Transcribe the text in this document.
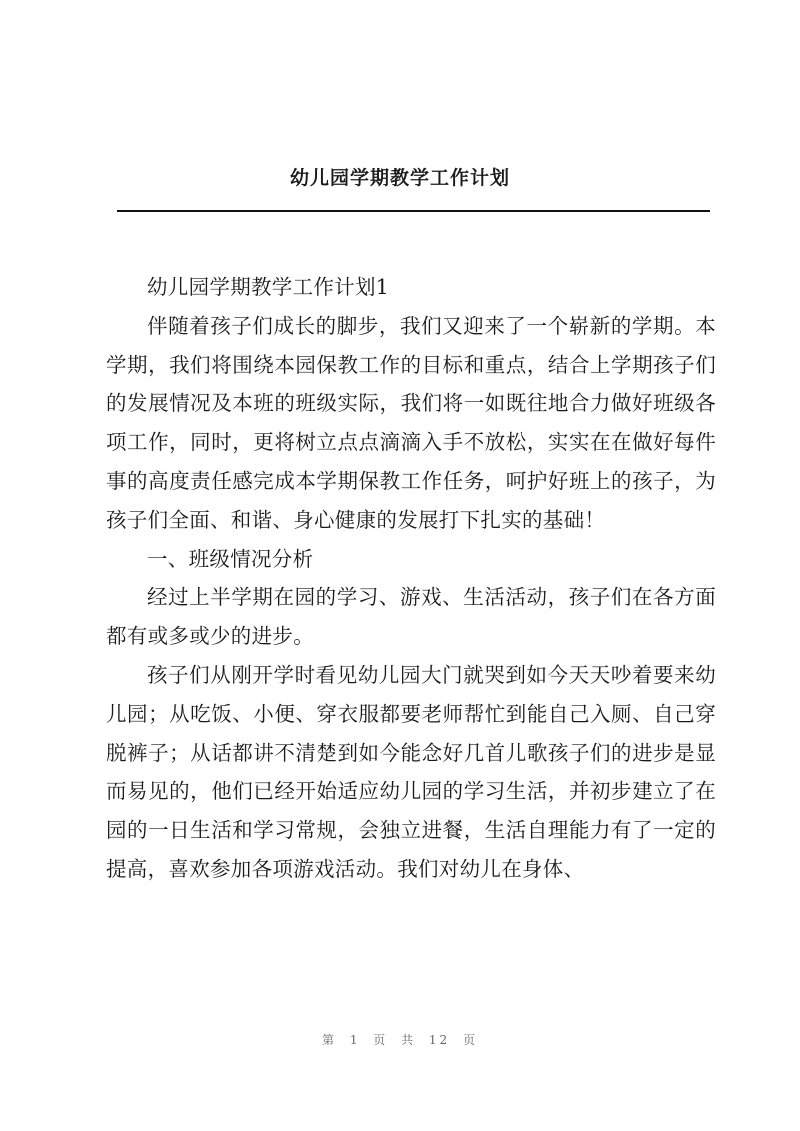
幼儿园学期教学工作计划

幼儿园学期教学工作计划1

伴随着孩子们成长的脚步，我们又迎来了一个崭新的学期。本学期，我们将围绕本园保教工作的目标和重点，结合上学期孩子们的发展情况及本班的班级实际，我们将一如既往地合力做好班级各项工作，同时，更将树立点点滴滴入手不放松，实实在在做好每件事的高度责任感完成本学期保教工作任务，呵护好班上的孩子，为孩子们全面、和谐、身心健康的发展打下扎实的基础！

一、班级情况分析

经过上半学期在园的学习、游戏、生活活动，孩子们在各方面都有或多或少的进步。

孩子们从刚开学时看见幼儿园大门就哭到如今天天吵着要来幼儿园；从吃饭、小便、穿衣服都要老师帮忙到能自己入厕、自己穿脱裤子；从话都讲不清楚到如今能念好几首儿歌孩子们的进步是显而易见的，他们已经开始适应幼儿园的学习生活，并初步建立了在园的一日生活和学习常规，会独立进餐，生活自理能力有了一定的提高，喜欢参加各项游戏活动。我们对幼儿在身体、

第 1 页 共 12 页
